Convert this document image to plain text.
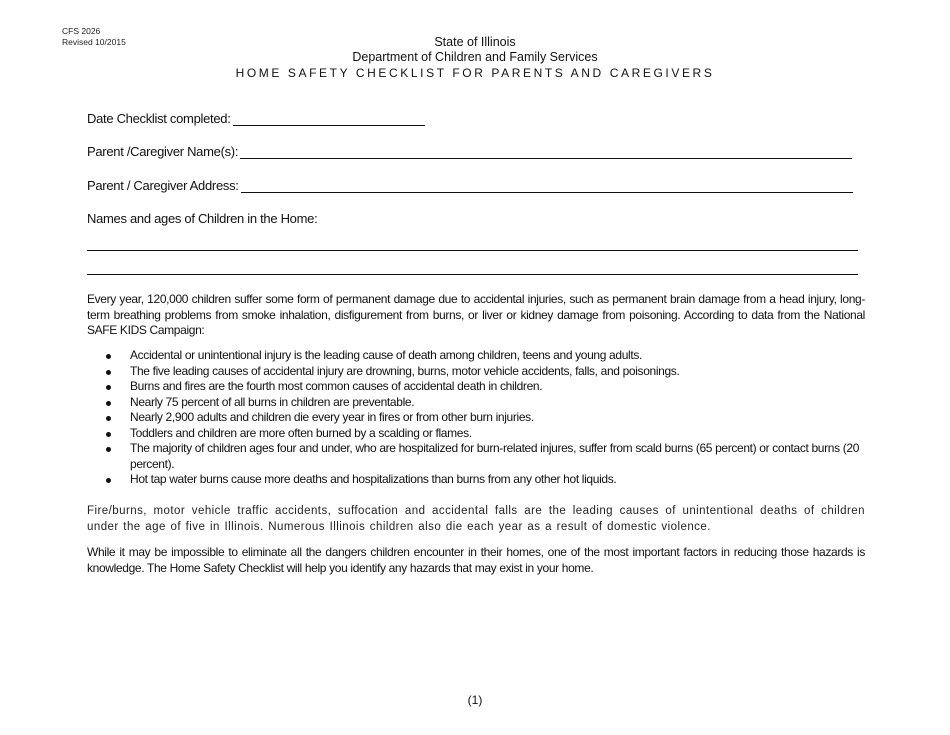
CFS 2026
Revised 10/2015	State of Illinois
Department of Children and Family Services
HOME SAFETY CHECKLIST FOR PARENTS AND CAREGIVERS
Date Checklist completed:
Parent /Caregiver Name(s):
Parent / Caregiver Address:
Names and ages of Children in the Home:

Every year, 120,000 children suffer some form of permanent damage due to accidental injuries, such as permanent brain damage from a head injury, long-term breathing problems from smoke inhalation, disfigurement from burns, or liver or kidney damage from poisoning. According to data from the National SAFE KIDS Campaign:

Accidental or unintentional injury is the leading cause of death among children, teens and young adults.
The five leading causes of accidental injury are drowning, burns, motor vehicle accidents, falls, and poisonings.
Burns and fires are the fourth most common causes of accidental death in children.
Nearly 75 percent of all burns in children are preventable.
Nearly 2,900 adults and children die every year in fires or from other burn injuries.
Toddlers and children are more often burned by a scalding or flames.
The majority of children ages four and under, who are hospitalized for burn-related injures, suffer from scald burns (65 percent) or contact burns (20 percent).
Hot tap water burns cause more deaths and hospitalizations than burns from any other hot liquids.

Fire/burns, motor vehicle traffic accidents, suffocation and accidental falls are the leading causes of unintentional deaths of children under the age of five in Illinois. Numerous Illinois children also die each year as a result of domestic violence.

While it may be impossible to eliminate all the dangers children encounter in their homes, one of the most important factors in reducing those hazards is knowledge. The Home Safety Checklist will help you identify any hazards that may exist in your home.

(1)
